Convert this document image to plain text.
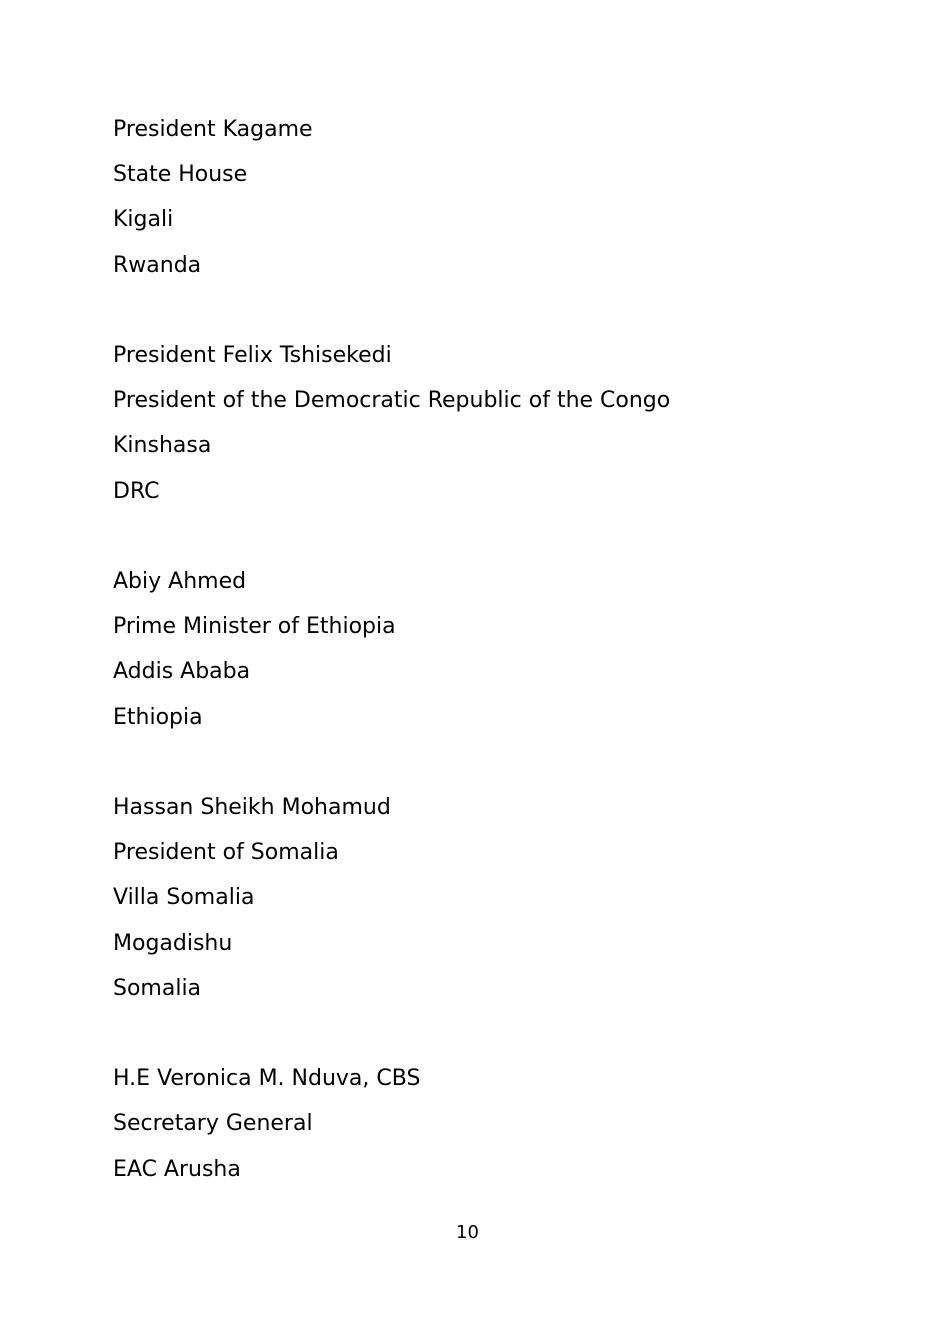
President Kagame

State House

Kigali

Rwanda

President Felix Tshisekedi

President of the Democratic Republic of the Congo

Kinshasa

DRC

Abiy Ahmed

Prime Minister of Ethiopia

Addis Ababa

Ethiopia

Hassan Sheikh Mohamud

President of Somalia

Villa Somalia

Mogadishu

Somalia

H.E Veronica M. Nduva, CBS

Secretary General

EAC Arusha

10
